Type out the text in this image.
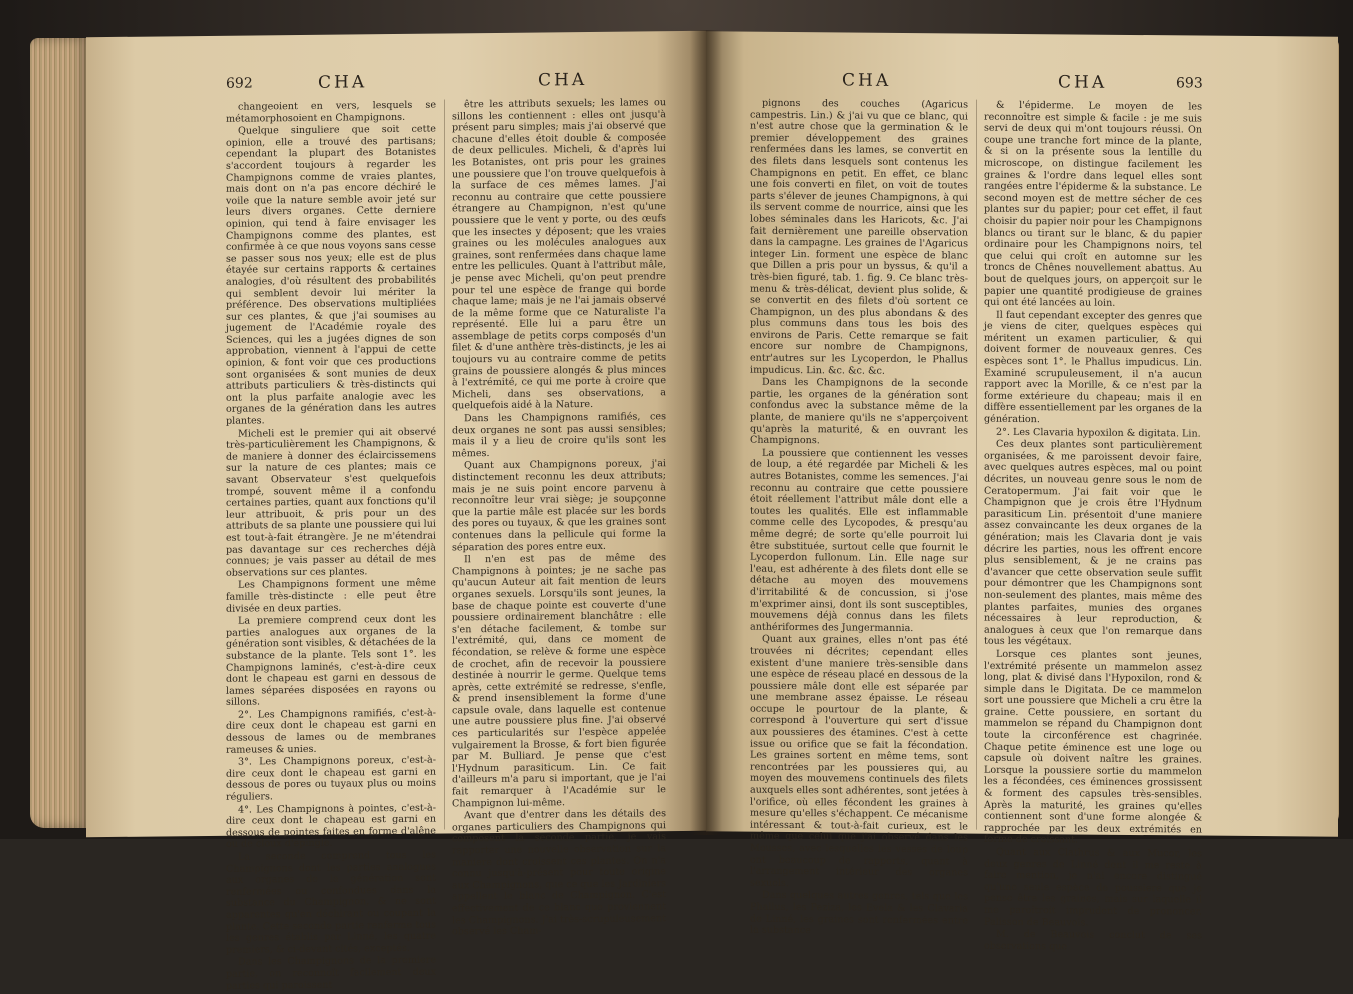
692	CHA	CHA

changeoient en vers, lesquels se métamorphosoient en Champignons.

Quelque singuliere que soit cette opinion, elle a trouvé des partisans; cependant la plupart des Botanistes s'accordent toujours à regarder les Champignons comme de vraies plantes, mais dont on n'a pas encore déchiré le voile que la nature semble avoir jeté sur leurs divers organes. Cette derniere opinion, qui tend à faire envisager les Champignons comme des plantes, est confirmée à ce que nous voyons sans cesse se passer sous nos yeux; elle est de plus étayée sur certains rapports & certaines analogies, d'où résultent des probabilités qui semblent devoir lui mériter la préférence. Des observations multipliées sur ces plantes, & que j'ai soumises au jugement de l'Académie royale des Sciences, qui les a jugées dignes de son approbation, viennent à l'appui de cette opinion, & font voir que ces productions sont organisées & sont munies de deux attributs particuliers & très-distincts qui ont la plus parfaite analogie avec les organes de la génération dans les autres plantes.

Micheli est le premier qui ait observé très-particulièrement les Champignons, & de maniere à donner des éclaircissemens sur la nature de ces plantes; mais ce savant Observateur s'est quelquefois trompé, souvent même il a confondu certaines parties, quant aux fonctions qu'il leur attribuoit, & pris pour un des attributs de sa plante une poussiere qui lui est tout-à-fait étrangère. Je ne m'étendrai pas davantage sur ces recherches déjà connues; je vais passer au détail de mes observations sur ces plantes.

Les Champignons forment une même famille très-distincte : elle peut être divisée en deux parties.

La premiere comprend ceux dont les parties analogues aux organes de la génération sont visibles, & détachées de la substance de la plante. Tels sont 1°. les Champignons laminés, c'est-à-dire ceux dont le chapeau est garni en dessous de lames séparées disposées en rayons ou sillons.

2°. Les Champignons ramifiés, c'est-à-dire ceux dont le chapeau est garni en dessous de lames ou de membranes rameuses & unies.

3°. Les Champignons poreux, c'est-à-dire ceux dont le chapeau est garni en dessous de pores ou tuyaux plus ou moins réguliers.

4°. Les Champignons à pointes, c'est-à-dire ceux dont le chapeau est garni en dessous de pointes faites en forme d'alêne ou de cloux d'épingle.

La seconde comprend tous les Champignons dont les parties analogues aux organes de la génération sont renfermées ou confondues dans la substance du Champignon, & ne sont apparentes qu'en déchirant ou coupant la plante. Cette seconde partie renferme tous les genres établis par Linné, les quatre premiers, & ci-devant cités, exceptés.

Dans les Champignons de la premiere partie, on reconnoît facilement deux parties qui paroissent

être les attributs sexuels; les lames ou sillons les contiennent : elles ont jusqu'à présent paru simples; mais j'ai observé que chacune d'elles étoit double & composée de deux pellicules. Micheli, & d'après lui les Botanistes, ont pris pour les graines une poussiere que l'on trouve quelquefois à la surface de ces mêmes lames. J'ai reconnu au contraire que cette poussiere étrangere au Champignon, n'est qu'une poussiere que le vent y porte, ou des œufs que les insectes y déposent; que les vraies graines ou les molécules analogues aux graines, sont renfermées dans chaque lame entre les pellicules. Quant à l'attribut mâle, je pense avec Micheli, qu'on peut prendre pour tel une espèce de frange qui borde chaque lame; mais je ne l'ai jamais observé de la même forme que ce Naturaliste l'a représenté. Elle lui a paru être un assemblage de petits corps composés d'un filet & d'une anthère très-distincts, je les ai toujours vu au contraire comme de petits grains de poussiere alongés & plus minces à l'extrémité, ce qui me porte à croire que Micheli, dans ses observations, a quelquefois aidé à la Nature.

Dans les Champignons ramifiés, ces deux organes ne sont pas aussi sensibles; mais il y a lieu de croire qu'ils sont les mêmes.

Quant aux Champignons poreux, j'ai distinctement reconnu les deux attributs; mais je ne suis point encore parvenu à reconnoître leur vrai siège; je soupçonne que la partie mâle est placée sur les bords des pores ou tuyaux, & que les graines sont contenues dans la pellicule qui forme la séparation des pores entre eux.

Il n'en est pas de même des Champignons à pointes; je ne sache pas qu'aucun Auteur ait fait mention de leurs organes sexuels. Lorsqu'ils sont jeunes, la base de chaque pointe est couverte d'une poussiere ordinairement blanchâtre : elle s'en détache facilement, & tombe sur l'extrémité, qui, dans ce moment de fécondation, se relève & forme une espèce de crochet, afin de recevoir la poussiere destinée à nourrir le germe. Quelque tems après, cette extrémité se redresse, s'enfle, & prend insensiblement la forme d'une capsule ovale, dans laquelle est contenue une autre poussiere plus fine. J'ai observé ces particularités sur l'espèce appelée vulgairement la Brosse, & fort bien figurée par M. Bulliard. Je pense que c'est l'Hydnum parasiticum. Lin. Ce fait d'ailleurs m'a paru si important, que je l'ai fait remarquer à l'Académie sur le Champignon lui-même.

Avant que d'entrer dans les détails des organes particuliers des Champignons qui composent la seconde partie, je vais rapporter une nouvelle observation sur la maniere dont croissent ces plantes. On n'a connu jusqu'à-présent pour toute origine aux Champignons, que ce que les Jardiniers appellent le blanc de Champignon. C'est effectivement de ce blanc que proviennent les Champignons. J'ai très-scrupuleusement observé les Cham-

CHA	CHA	693

pignons des couches (Agaricus campestris. Lin.) & j'ai vu que ce blanc, qui n'est autre chose que la germination & le premier développement des graines renfermées dans les lames, se convertit en des filets dans lesquels sont contenus les Champignons en petit. En effet, ce blanc une fois converti en filet, on voit de toutes parts s'élever de jeunes Champignons, à qui ils servent comme de nourrice, ainsi que les lobes séminales dans les Haricots, &c. J'ai fait dernièrement une pareille observation dans la campagne. Les graines de l'Agaricus integer Lin. forment une espèce de blanc que Dillen a pris pour un byssus, & qu'il a très-bien figuré, tab. 1. fig. 9. Ce blanc très-menu & très-délicat, devient plus solide, & se convertit en des filets d'où sortent ce Champignon, un des plus abondans & des plus communs dans tous les bois des environs de Paris. Cette remarque se fait encore sur nombre de Champignons, entr'autres sur les Lycoperdon, le Phallus impudicus. Lin. &c. &c. &c.

Dans les Champignons de la seconde partie, les organes de la génération sont confondus avec la substance même de la plante, de maniere qu'ils ne s'apperçoivent qu'après la maturité, & en ouvrant les Champignons.

La poussiere que contiennent les vesses de loup, a été regardée par Micheli & les autres Botanistes, comme les semences. J'ai reconnu au contraire que cette poussiere étoit réellement l'attribut mâle dont elle a toutes les qualités. Elle est inflammable comme celle des Lycopodes, & presqu'au même degré; de sorte qu'elle pourroit lui être substituée, surtout celle que fournit le Lycoperdon fullonum. Lin. Elle nage sur l'eau, est adhérente à des filets dont elle se détache au moyen des mouvemens d'irritabilité & de concussion, si j'ose m'exprimer ainsi, dont ils sont susceptibles, mouvemens déjà connus dans les filets anthériformes des Jungermannia.

Quant aux graines, elles n'ont pas été trouvées ni décrites; cependant elles existent d'une maniere très-sensible dans une espèce de réseau placé en dessous de la poussiere mâle dont elle est séparée par une membrane assez épaisse. Le réseau occupe le pourtour de la plante, & correspond à l'ouverture qui sert d'issue aux poussieres des étamines. C'est à cette issue ou orifice que se fait la fécondation. Les graines sortent en même tems, sont rencontrées par les poussieres qui, au moyen des mouvemens continuels des filets auxquels elles sont adhérentes, sont jetées à l'orifice, où elles fécondent les graines à mesure qu'elles s'échappent. Ce mécanisme intéressant & tout-à-fait curieux, est le même que celui que j'ai observé dans les Mousses, avec lesquelles les vesses de loup ont beaucoup de rapports, quant à l'arrangement intérieur des organes sexuels.

Dans quelques autres genres, tels que les Phallus, les Peziza, les Evela & les Clavaria de Linné, les graines sont renfermées entre la substance

& l'épiderme. Le moyen de les reconnoître est simple & facile : je me suis servi de deux qui m'ont toujours réussi. On coupe une tranche fort mince de la plante, & si on la présente sous la lentille du microscope, on distingue facilement les graines & l'ordre dans lequel elles sont rangées entre l'épiderme & la substance. Le second moyen est de mettre sécher de ces plantes sur du papier; pour cet effet, il faut choisir du papier noir pour les Champignons blancs ou tirant sur le blanc, & du papier ordinaire pour les Champignons noirs, tel que celui qui croît en automne sur les troncs de Chênes nouvellement abattus. Au bout de quelques jours, on apperçoit sur le papier une quantité prodigieuse de graines qui ont été lancées au loin.

Il faut cependant excepter des genres que je viens de citer, quelques espèces qui méritent un examen particulier, & qui doivent former de nouveaux genres. Ces espèces sont 1°. le Phallus impudicus. Lin. Examiné scrupuleusement, il n'a aucun rapport avec la Morille, & ce n'est par la forme extérieure du chapeau; mais il en diffère essentiellement par les organes de la génération.

2°. Les Clavaria hypoxilon & digitata. Lin.

Ces deux plantes sont particulièrement organisées, & me paroissent devoir faire, avec quelques autres espèces, mal ou point décrites, un nouveau genre sous le nom de Ceratopermum. J'ai fait voir que le Champignon que je crois être l'Hydnum parasiticum Lin. présentoit d'une maniere assez convaincante les deux organes de la génération; mais les Clavaria dont je vais décrire les parties, nous les offrent encore plus sensiblement, & je ne crains pas d'avancer que cette observation seule suffit pour démontrer que les Champignons sont non-seulement des plantes, mais même des plantes parfaites, munies des organes nécessaires à leur reproduction, & analogues à ceux que l'on remarque dans tous les végétaux.

Lorsque ces plantes sont jeunes, l'extrémité présente un mammelon assez long, plat & divisé dans l'Hypoxilon, rond & simple dans le Digitata. De ce mammelon sort une poussiere que Micheli a cru être la graine. Cette poussiere, en sortant du mammelon se répand du Champignon dont toute la circonférence est chagrinée. Chaque petite éminence est une loge ou capsule où doivent naître les graines. Lorsque la poussiere sortie du mammelon les a fécondées, ces éminences grossissent & forment des capsules très-sensibles. Après la maturité, les graines qu'elles contiennent sont d'une forme alongée & rapprochée par les deux extrémités en forme de croissant.

Quant aux Clathrus & aux Mucor, les deux genres de Linné dont il me reste à faire mention, je n'ai encore distingué qu'une seule espèce de poussiere que je pense être les graines, mais sur laquelle il me paroîtroit imprudent de prononcer. Palisson de Beauvois.

M. de Beauvois conclut de ses observations que
